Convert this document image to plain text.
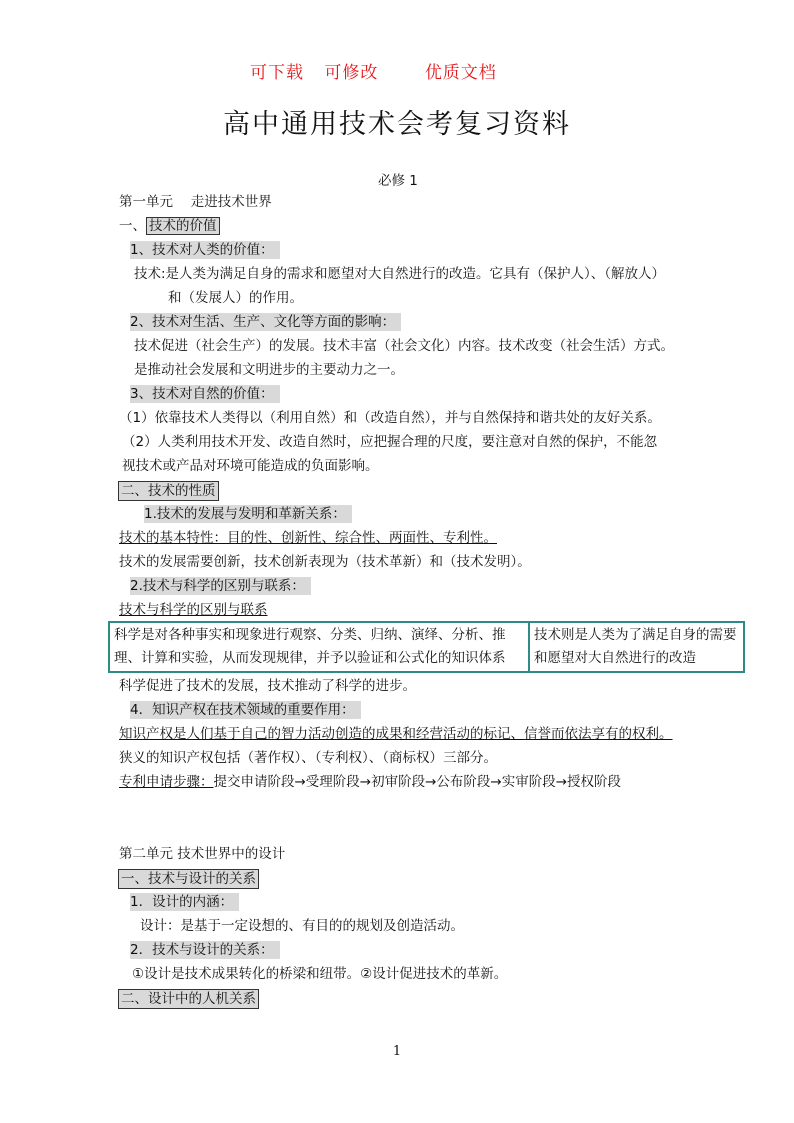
可下载 可修改	优质文档
高中通用技术会考复习资料
必修 1
第一单元　 走进技术世界
一、 技术的价值
1、技术对人类的价值：
技术:是人类为满足自身的需求和愿望对大自然进行的改造。它具有（保护人）、（解放人）
和（发展人）的作用。
2、技术对生活、生产、文化等方面的影响：
技术促进（社会生产）的发展。技术丰富（社会文化）内容。技术改变（社会生活）方式。
是推动社会发展和文明进步的主要动力之一。
3、技术对自然的价值：
（1）依靠技术人类得以（利用自然）和（改造自然），并与自然保持和谐共处的友好关系。
（2）人类利用技术开发、改造自然时，应把握合理的尺度，要注意对自然的保护，不能忽
视技术或产品对环境可能造成的负面影响。
二、技术的性质
1.技术的发展与发明和革新关系：
技术的基本特性：目的性、创新性、综合性、两面性、专利性。
技术的发展需要创新，技术创新表现为（技术革新）和（技术发明）。
2.技术与科学的区别与联系：
技术与科学的区别与联系
科学是对各种事实和现象进行观察、分类、归纳、演绎、分析、推理、计算和实验，从而发现规律，并予以验证和公式化的知识体系	技术则是人类为了满足自身的需要和愿望对大自然进行的改造
科学促进了技术的发展，技术推动了科学的进步。
4．知识产权在技术领域的重要作用：
知识产权是人们基于自己的智力活动创造的成果和经营活动的标记、信誉而依法享有的权利。
狭义的知识产权包括（著作权）、（专利权）、（商标权）三部分。
专利申请步骤：提交申请阶段→受理阶段→初审阶段→公布阶段→实审阶段→授权阶段
第二单元 技术世界中的设计
一、技术与设计的关系
1．设计的内涵：
设计：是基于一定设想的、有目的的规划及创造活动。
2．技术与设计的关系：
①设计是技术成果转化的桥梁和纽带。②设计促进技术的革新。
二、设计中的人机关系
1
